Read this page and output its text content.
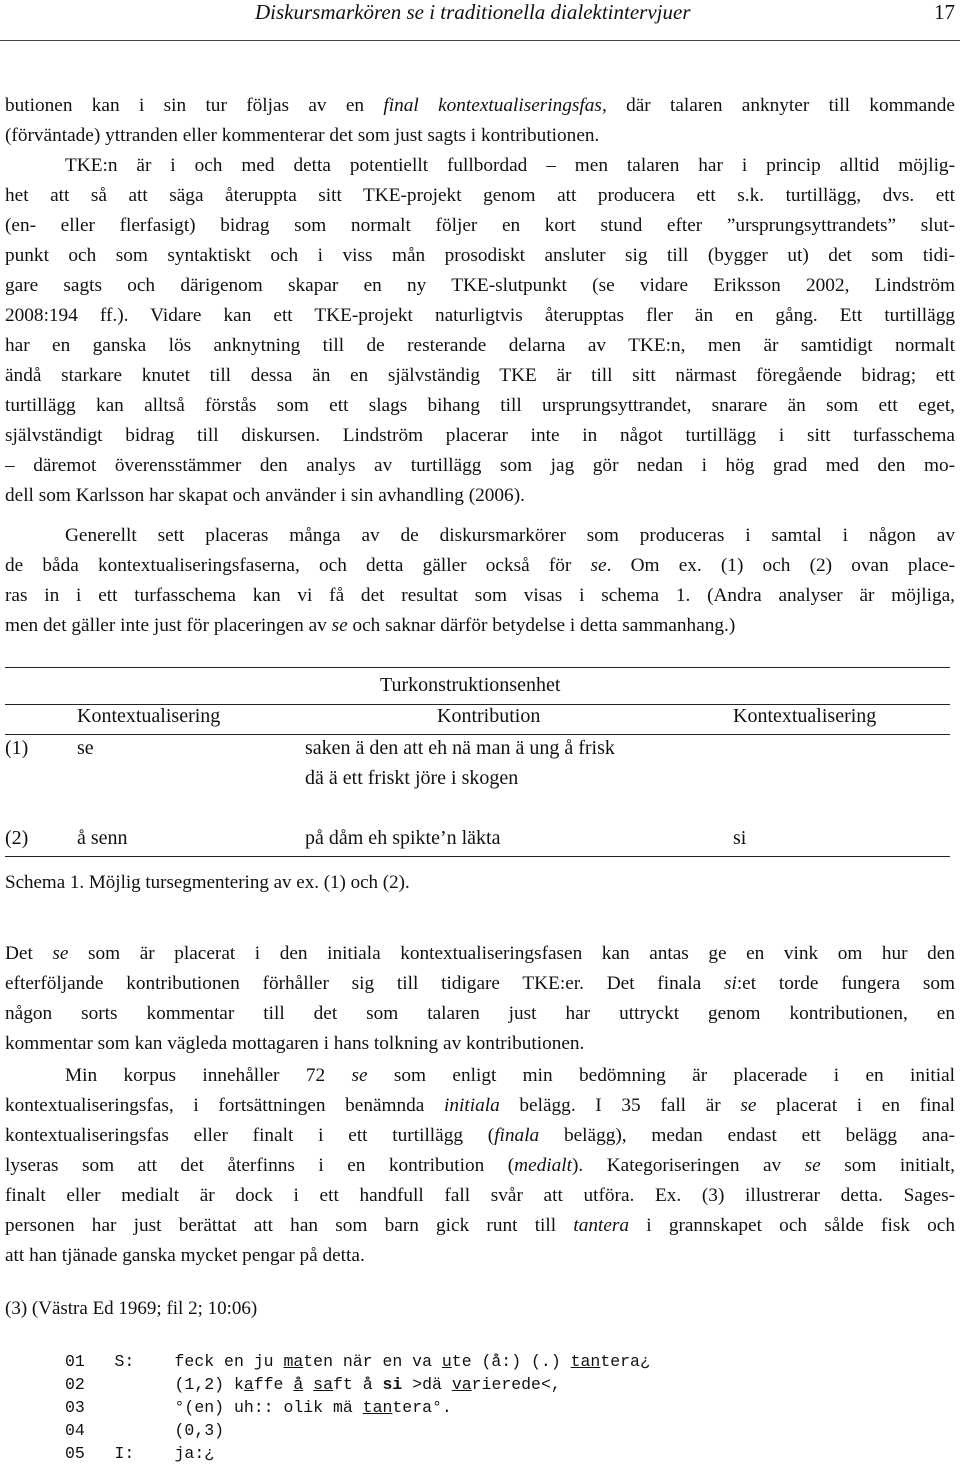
Diskursmarkören se i traditionella dialektintervjuer	17
butionen kan i sin tur följas av en final kontextualiseringsfas, där talaren anknyter till kommande
(förväntade) yttranden eller kommenterar det som just sagts i kontributionen.
TKE:n är i och med detta potentiellt fullbordad – men talaren har i princip alltid möjlig-
het att så att säga återuppta sitt TKE-projekt genom att producera ett s.k. turtillägg, dvs. ett
(en- eller flerfasigt) bidrag som normalt följer en kort stund efter ”ursprungsyttrandets” slut-
punkt och som syntaktiskt och i viss mån prosodiskt ansluter sig till (bygger ut) det som tidi-
gare sagts och därigenom skapar en ny TKE-slutpunkt (se vidare Eriksson 2002, Lindström
2008:194 ff.). Vidare kan ett TKE-projekt naturligtvis återupptas fler än en gång. Ett turtillägg
har en ganska lös anknytning till de resterande delarna av TKE:n, men är samtidigt normalt
ändå starkare knutet till dessa än en självständig TKE är till sitt närmast föregående bidrag; ett
turtillägg kan alltså förstås som ett slags bihang till ursprungsyttrandet, snarare än som ett eget,
självständigt bidrag till diskursen. Lindström placerar inte in något turtillägg i sitt turfasschema
– däremot överensstämmer den analys av turtillägg som jag gör nedan i hög grad med den mo-
dell som Karlsson har skapat och använder i sin avhandling (2006).
Generellt sett placeras många av de diskursmarkörer som produceras i samtal i någon av
de båda kontextualiseringsfaserna, och detta gäller också för se. Om ex. (1) och (2) ovan place-
ras in i ett turfasschema kan vi få det resultat som visas i schema 1. (Andra analyser är möjliga,
men det gäller inte just för placeringen av se och saknar därför betydelse i detta sammanhang.)
Turkonstruktionsenhet
Kontextualisering	Kontribution	Kontextualisering
(1) se	saken ä den att eh nä man ä ung å frisk
dä ä ett friskt jöre i skogen
(2) å senn	på dåm eh spikte’n läkta	si
Schema 1. Möjlig tursegmentering av ex. (1) och (2).
Det se som är placerat i den initiala kontextualiseringsfasen kan antas ge en vink om hur den
efterföljande kontributionen förhåller sig till tidigare TKE:er. Det finala si:et torde fungera som
någon sorts kommentar till det som talaren just har uttryckt genom kontributionen, en
kommentar som kan vägleda mottagaren i hans tolkning av kontributionen.
Min korpus innehåller 72 se som enligt min bedömning är placerade i en initial
kontextualiseringsfas, i fortsättningen benämnda initiala belägg. I 35 fall är se placerat i en final
kontextualiseringsfas eller finalt i ett turtillägg (finala belägg), medan endast ett belägg ana-
lyseras som att det återfinns i en kontribution (medialt). Kategoriseringen av se som initialt,
finalt eller medialt är dock i ett handfull fall svår att utföra. Ex. (3) illustrerar detta. Sages-
personen har just berättat att han som barn gick runt till tantera i grannskapet och sålde fisk och
att han tjänade ganska mycket pengar på detta.
(3) (Västra Ed 1969; fil 2; 10:06)
01 S: feck en ju maten när en va ute (å:) (.) tantera¿
02	(1,2) kaffe å saft å si >dä varierede<,
03	°(en) uh:: olik mä tantera°.
04	(0,3)
05 I: ja:¿
